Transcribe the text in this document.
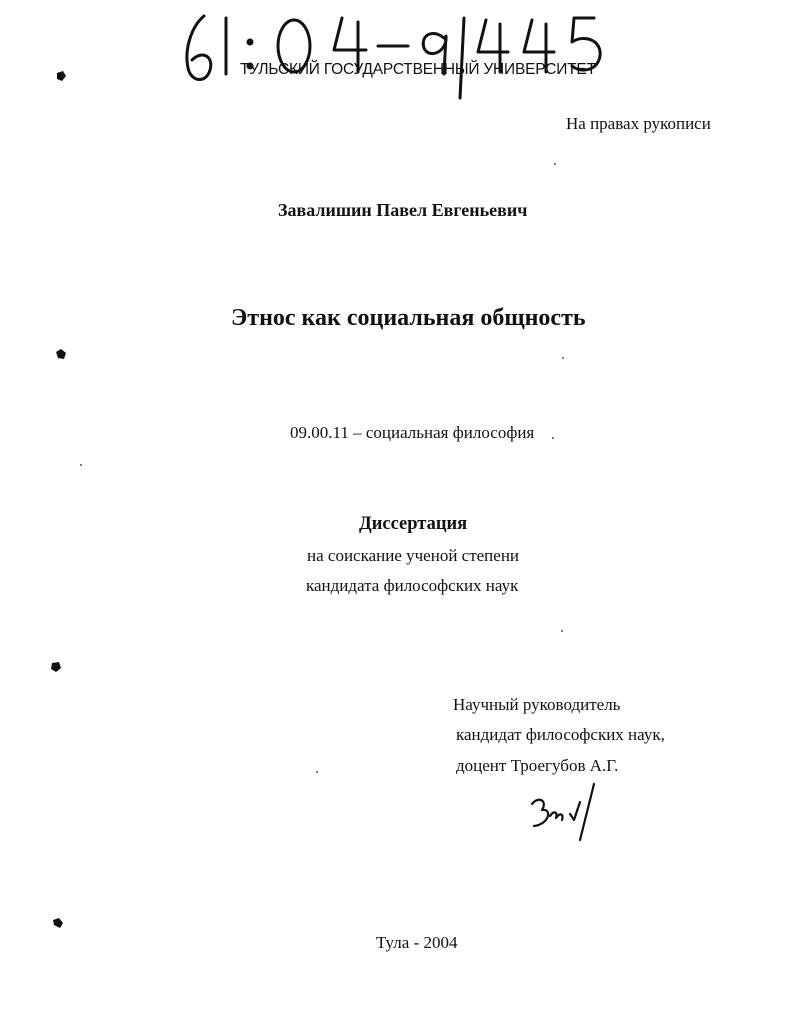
ТУЛЬСКИЙ ГОСУДАРСТВЕННЫЙ УНИВЕРСИТЕТ
На правах рукописи
Завалишин Павел Евгеньевич
Этнос как социальная общность
09.00.11 – социальная философия
Диссертация
на соискание ученой степени
кандидата философских наук
Научный руководитель
кандидат философских наук,
доцент Троегубов А.Г.
Тула - 2004
